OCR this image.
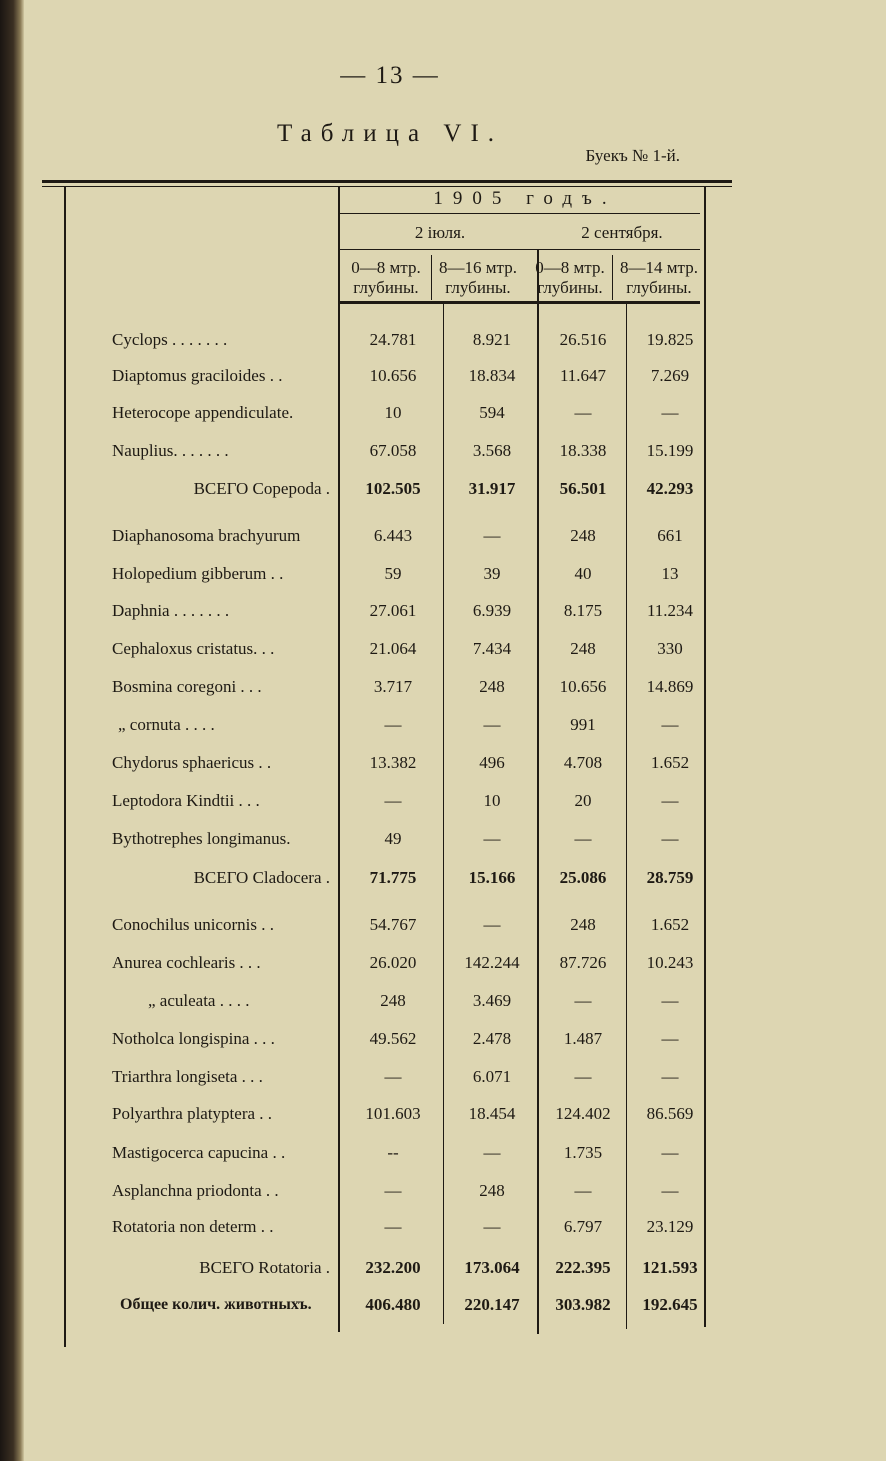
— 13 —
Таблица VI.
Буекъ № 1-й.
1905 годъ.
2 іюля.	2 сентября.
0—8 мтр.
глубины.
8—16 мтр.
глубины.
0—8 мтр.
глубины.
8—14 мтр.
глубины.
Cyclops . . . . . . .	24.781	8.921	26.516	19.825
Diaptomus graciloides . .	10.656	18.834	11.647	7.269
Heterocope appendiculate.	10	594	—	—
Nauplius. . . . . . .	67.058	3.568	18.338	15.199
ВСЕГО Copepoda .	102.505	31.917	56.501	42.293
Diaphanosoma brachyurum	6.443	—	248	661
Holopedium gibberum . .	59	39	40	13
Daphnia . . . . . . .	27.061	6.939	8.175	11.234
Cephaloxus cristatus. . .	21.064	7.434	248	330
Bosmina coregoni . . .	3.717	248	10.656	14.869
„ cornuta . . . .	—	—	991	—
Chydorus sphaericus . .	13.382	496	4.708	1.652
Leptodora Kindtii . . .	—	10	20	—
Bythotrephes longimanus.	49	—	—	—
ВСЕГО Cladocera .	71.775	15.166	25.086	28.759
Conochilus unicornis . .	54.767	—	248	1.652
Anurea cochlearis . . .	26.020	142.244	87.726	10.243
„ aculeata . . . .	248	3.469	—	—
Notholca longispina . . .	49.562	2.478	1.487	—
Triarthra longiseta . . .	—	6.071	—	—
Polyarthra platyptera . .	101.603	18.454	124.402	86.569
Mastigocerca capucina . .	--	—	1.735	—
Asplanchna priodonta . .	—	248	—	—
Rotatoria non determ . .	—	—	6.797	23.129
ВСЕГО Rotatoria .	232.200	173.064	222.395	121.593
Общее колич. животныхъ.	406.480	220.147	303.982	192.645
